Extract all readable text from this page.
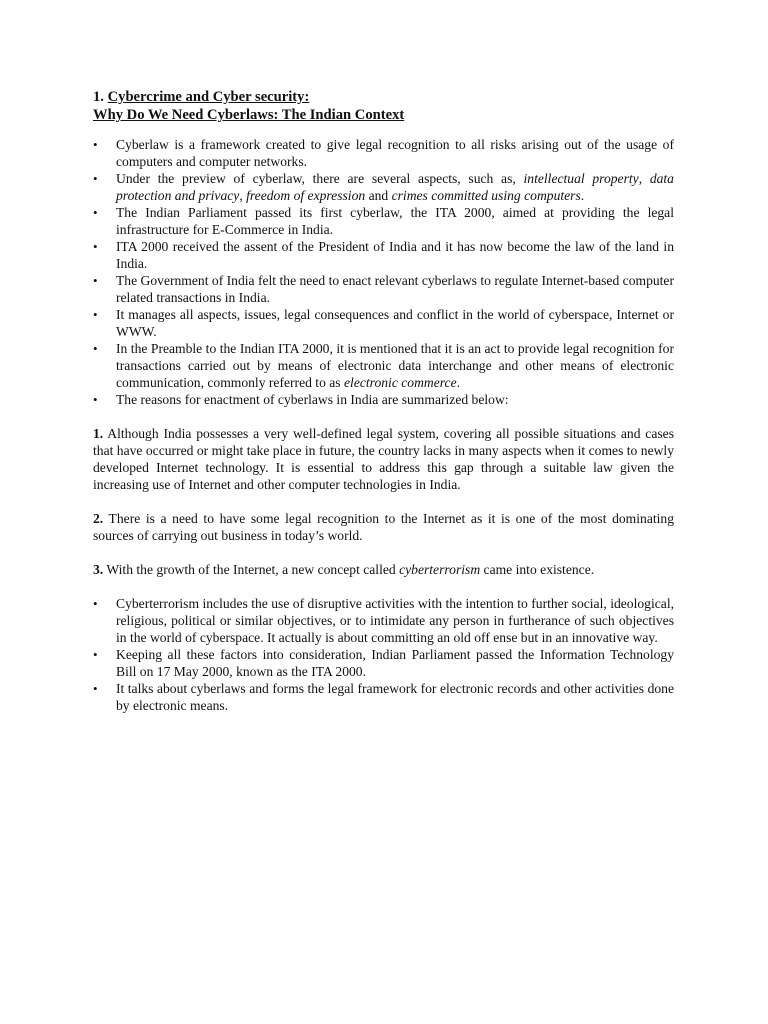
1. Cybercrime and Cyber security:

Why Do We Need Cyberlaws: The Indian Context

• Cyberlaw is a framework created to give legal recognition to all risks arising out of the usage of computers and computer networks.
• Under the preview of cyberlaw, there are several aspects, such as, intellectual property, data protection and privacy, freedom of expression and crimes committed using computers.
• The Indian Parliament passed its first cyberlaw, the ITA 2000, aimed at providing the legal infrastructure for E-Commerce in India.
• ITA 2000 received the assent of the President of India and it has now become the law of the land in India.
• The Government of India felt the need to enact relevant cyberlaws to regulate Internet-based computer related transactions in India.
• It manages all aspects, issues, legal consequences and conflict in the world of cyberspace, Internet or WWW.
• In the Preamble to the Indian ITA 2000, it is mentioned that it is an act to provide legal recognition for transactions carried out by means of electronic data interchange and other means of electronic communication, commonly referred to as electronic commerce.
• The reasons for enactment of cyberlaws in India are summarized below:

1. Although India possesses a very well-defined legal system, covering all possible situations and cases that have occurred or might take place in future, the country lacks in many aspects when it comes to newly developed Internet technology. It is essential to address this gap through a suitable law given the increasing use of Internet and other computer technologies in India.

2. There is a need to have some legal recognition to the Internet as it is one of the most dominating sources of carrying out business in today’s world.

3. With the growth of the Internet, a new concept called cyberterrorism came into existence.

• Cyberterrorism includes the use of disruptive activities with the intention to further social, ideological, religious, political or similar objectives, or to intimidate any person in furtherance of such objectives in the world of cyberspace. It actually is about committing an old off ense but in an innovative way.
• Keeping all these factors into consideration, Indian Parliament passed the Information Technology Bill on 17 May 2000, known as the ITA 2000.
• It talks about cyberlaws and forms the legal framework for electronic records and other activities done by electronic means.
